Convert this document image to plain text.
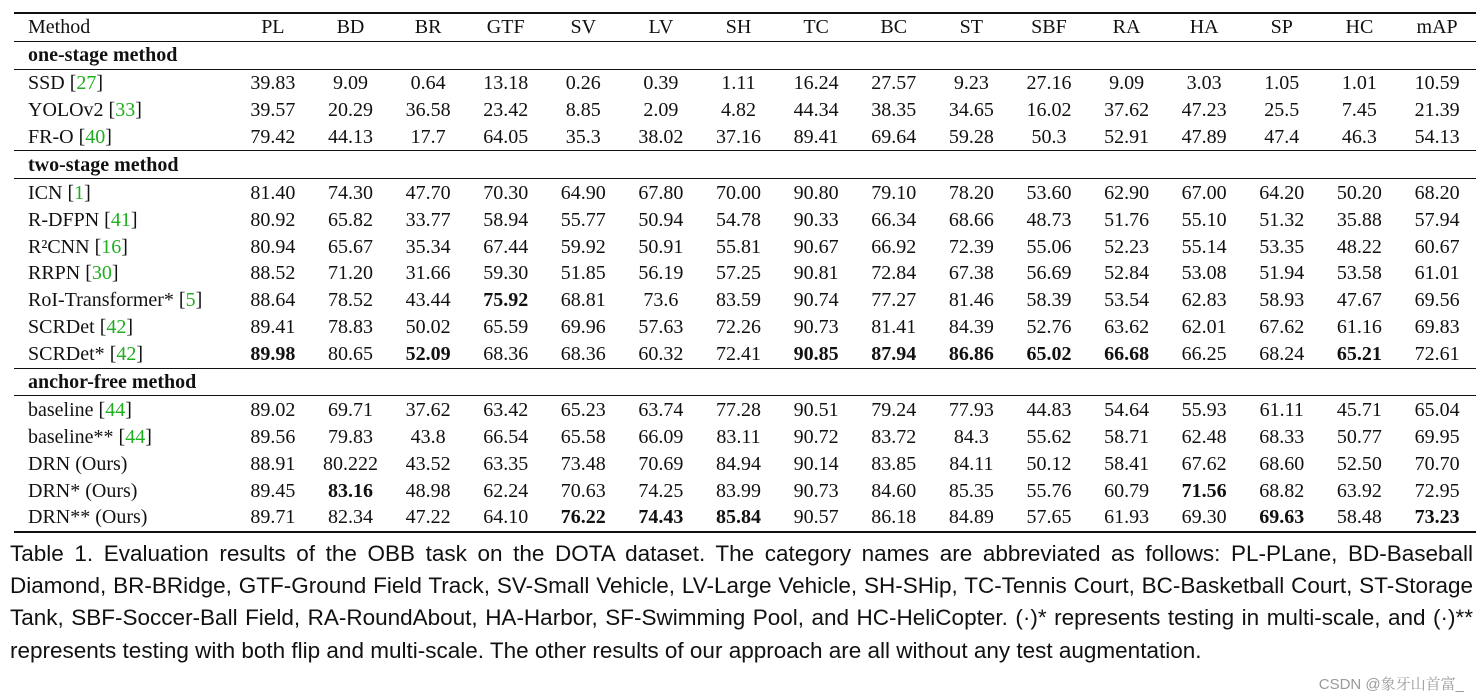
Method	PL	BD	BR	GTF	SV	LV	SH	TC	BC	ST	SBF	RA	HA	SP	HC	mAP
one-stage method																
SSD [27]	39.83	9.09	0.64	13.18	0.26	0.39	1.11	16.24	27.57	9.23	27.16	9.09	3.03	1.05	1.01	10.59
YOLOv2 [33]	39.57	20.29	36.58	23.42	8.85	2.09	4.82	44.34	38.35	34.65	16.02	37.62	47.23	25.5	7.45	21.39
FR-O [40]	79.42	44.13	17.7	64.05	35.3	38.02	37.16	89.41	69.64	59.28	50.3	52.91	47.89	47.4	46.3	54.13
two-stage method																
ICN [1]	81.40	74.30	47.70	70.30	64.90	67.80	70.00	90.80	79.10	78.20	53.60	62.90	67.00	64.20	50.20	68.20
R-DFPN [41]	80.92	65.82	33.77	58.94	55.77	50.94	54.78	90.33	66.34	68.66	48.73	51.76	55.10	51.32	35.88	57.94
R²CNN [16]	80.94	65.67	35.34	67.44	59.92	50.91	55.81	90.67	66.92	72.39	55.06	52.23	55.14	53.35	48.22	60.67
RRPN [30]	88.52	71.20	31.66	59.30	51.85	56.19	57.25	90.81	72.84	67.38	56.69	52.84	53.08	51.94	53.58	61.01
RoI-Transformer* [5]	88.64	78.52	43.44	75.92	68.81	73.6	83.59	90.74	77.27	81.46	58.39	53.54	62.83	58.93	47.67	69.56
SCRDet [42]	89.41	78.83	50.02	65.59	69.96	57.63	72.26	90.73	81.41	84.39	52.76	63.62	62.01	67.62	61.16	69.83
SCRDet* [42]	89.98	80.65	52.09	68.36	68.36	60.32	72.41	90.85	87.94	86.86	65.02	66.68	66.25	68.24	65.21	72.61
anchor-free method																
baseline [44]	89.02	69.71	37.62	63.42	65.23	63.74	77.28	90.51	79.24	77.93	44.83	54.64	55.93	61.11	45.71	65.04
baseline** [44]	89.56	79.83	43.8	66.54	65.58	66.09	83.11	90.72	83.72	84.3	55.62	58.71	62.48	68.33	50.77	69.95
DRN (Ours)	88.91	80.222	43.52	63.35	73.48	70.69	84.94	90.14	83.85	84.11	50.12	58.41	67.62	68.60	52.50	70.70
DRN* (Ours)	89.45	83.16	48.98	62.24	70.63	74.25	83.99	90.73	84.60	85.35	55.76	60.79	71.56	68.82	63.92	72.95
DRN** (Ours)	89.71	82.34	47.22	64.10	76.22	74.43	85.84	90.57	86.18	84.89	57.65	61.93	69.30	69.63	58.48	73.23
Table 1. Evaluation results of the OBB task on the DOTA dataset. The category names are abbreviated as follows: PL-PLane, BD-Baseball Diamond, BR-BRidge, GTF-Ground Field Track, SV-Small Vehicle, LV-Large Vehicle, SH-SHip, TC-Tennis Court, BC-Basketball Court, ST-Storage Tank, SBF-Soccer-Ball Field, RA-RoundAbout, HA-Harbor, SF-Swimming Pool, and HC-HeliCopter. (·)* represents testing in multi-scale, and (·)** represents testing with both flip and multi-scale. The other results of our approach are all without any test augmentation.
CSDN @象牙山首富_
